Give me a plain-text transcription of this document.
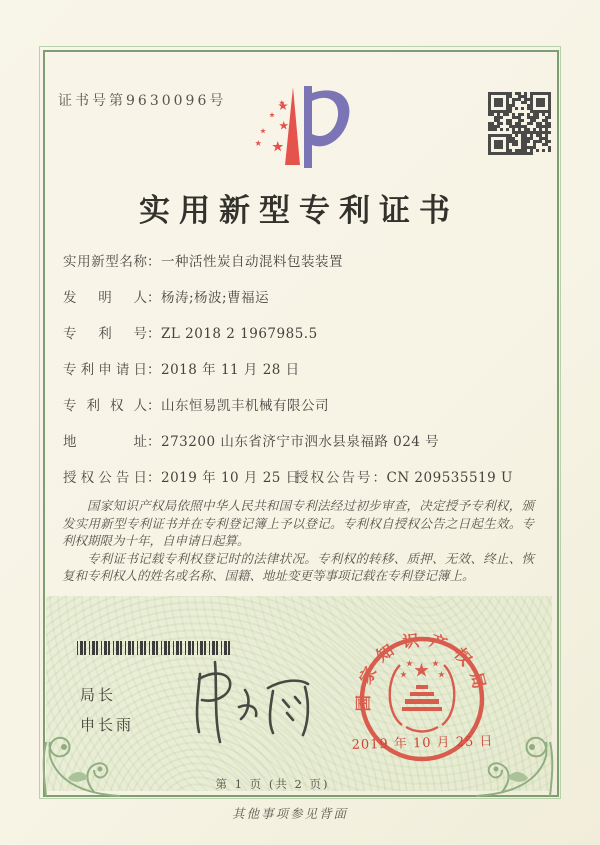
证书号第9630096号
实用新型专利证书
实用新型名称：一种活性炭自动混料包装装置
发明人：杨涛;杨波;曹福运
专利号：ZL 2018 2 1967985.5
专利申请日：2018 年 11 月 28 日
专利权人：山东恒易凯丰机械有限公司
地址：273200 山东省济宁市泗水县泉福路 024 号
授权公告日：2019 年 10 月 25 日
授权公告号：CN 209535519 U

国家知识产权局依照中华人民共和国专利法经过初步审查，决定授予专利权，颁发实用新型专利证书并在专利登记簿上予以登记。专利权自授权公告之日起生效。专利权期限为十年，自申请日起算。

专利证书记载专利权登记时的法律状况。专利权的转移、质押、无效、终止、恢复和专利权人的姓名或名称、国籍、地址变更等事项记载在专利登记簿上。

局长
申长雨
国家知识产权局
2019 年 10 月 25 日
第 1 页 (共 2 页)
其他事项参见背面
